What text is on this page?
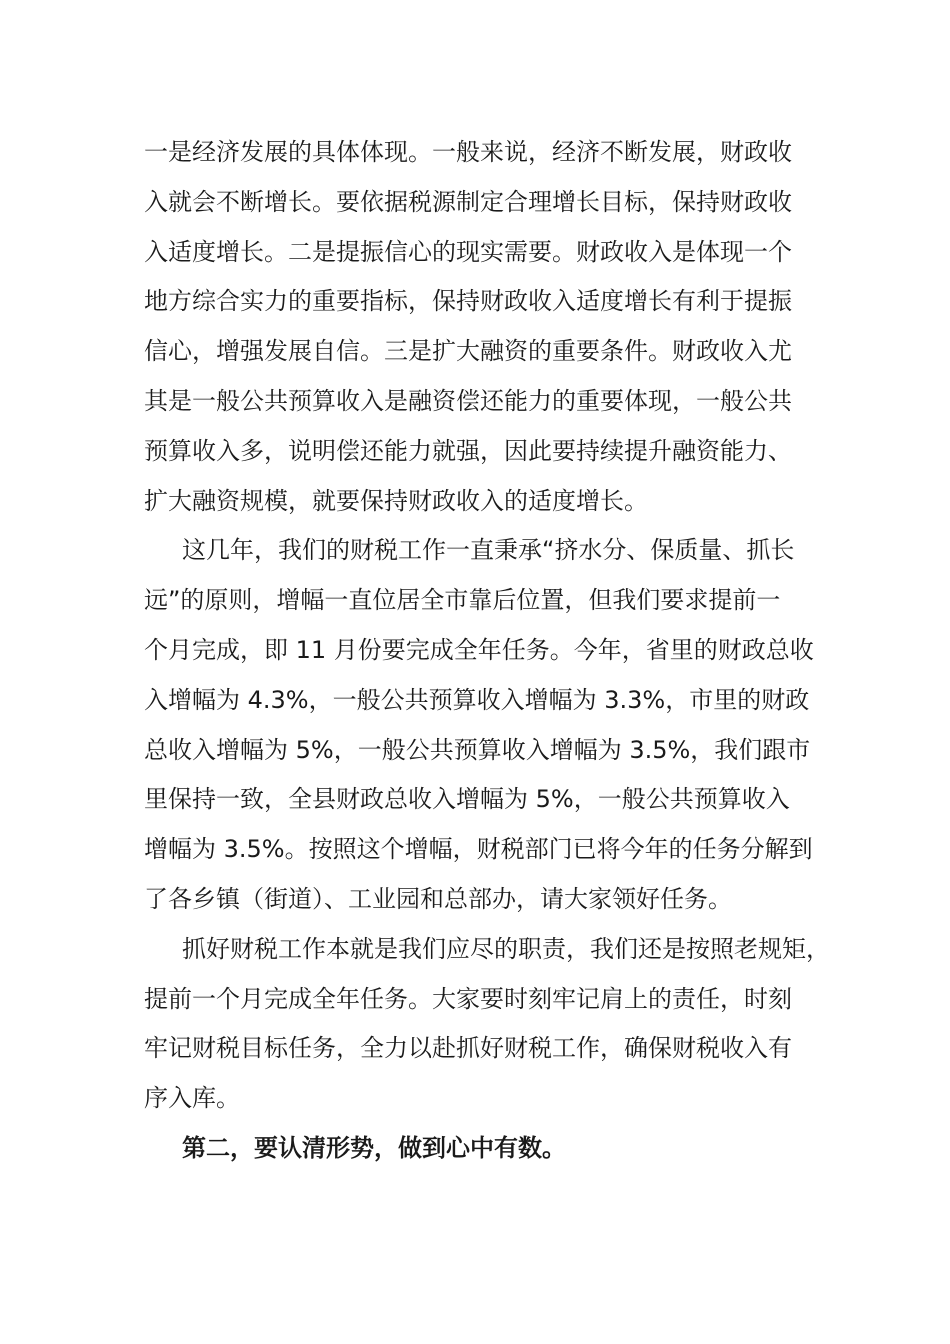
一是经济发展的具体体现。一般来说，经济不断发展，财政收
入就会不断增长。要依据税源制定合理增长目标，保持财政收
入适度增长。二是提振信心的现实需要。财政收入是体现一个
地方综合实力的重要指标，保持财政收入适度增长有利于提振
信心，增强发展自信。三是扩大融资的重要条件。财政收入尤
其是一般公共预算收入是融资偿还能力的重要体现，一般公共
预算收入多，说明偿还能力就强，因此要持续提升融资能力、
扩大融资规模，就要保持财政收入的适度增长。
这几年，我们的财税工作一直秉承“挤水分、保质量、抓长
远”的原则，增幅一直位居全市靠后位置，但我们要求提前一
个月完成，即 11 月份要完成全年任务。今年，省里的财政总收
入增幅为 4.3%，一般公共预算收入增幅为 3.3%，市里的财政
总收入增幅为 5%，一般公共预算收入增幅为 3.5%，我们跟市
里保持一致，全县财政总收入增幅为 5%，一般公共预算收入
增幅为 3.5%。按照这个增幅，财税部门已将今年的任务分解到
了各乡镇（街道）、工业园和总部办，请大家领好任务。
抓好财税工作本就是我们应尽的职责，我们还是按照老规矩，
提前一个月完成全年任务。大家要时刻牢记肩上的责任，时刻
牢记财税目标任务，全力以赴抓好财税工作，确保财税收入有
序入库。
第二，要认清形势，做到心中有数。
